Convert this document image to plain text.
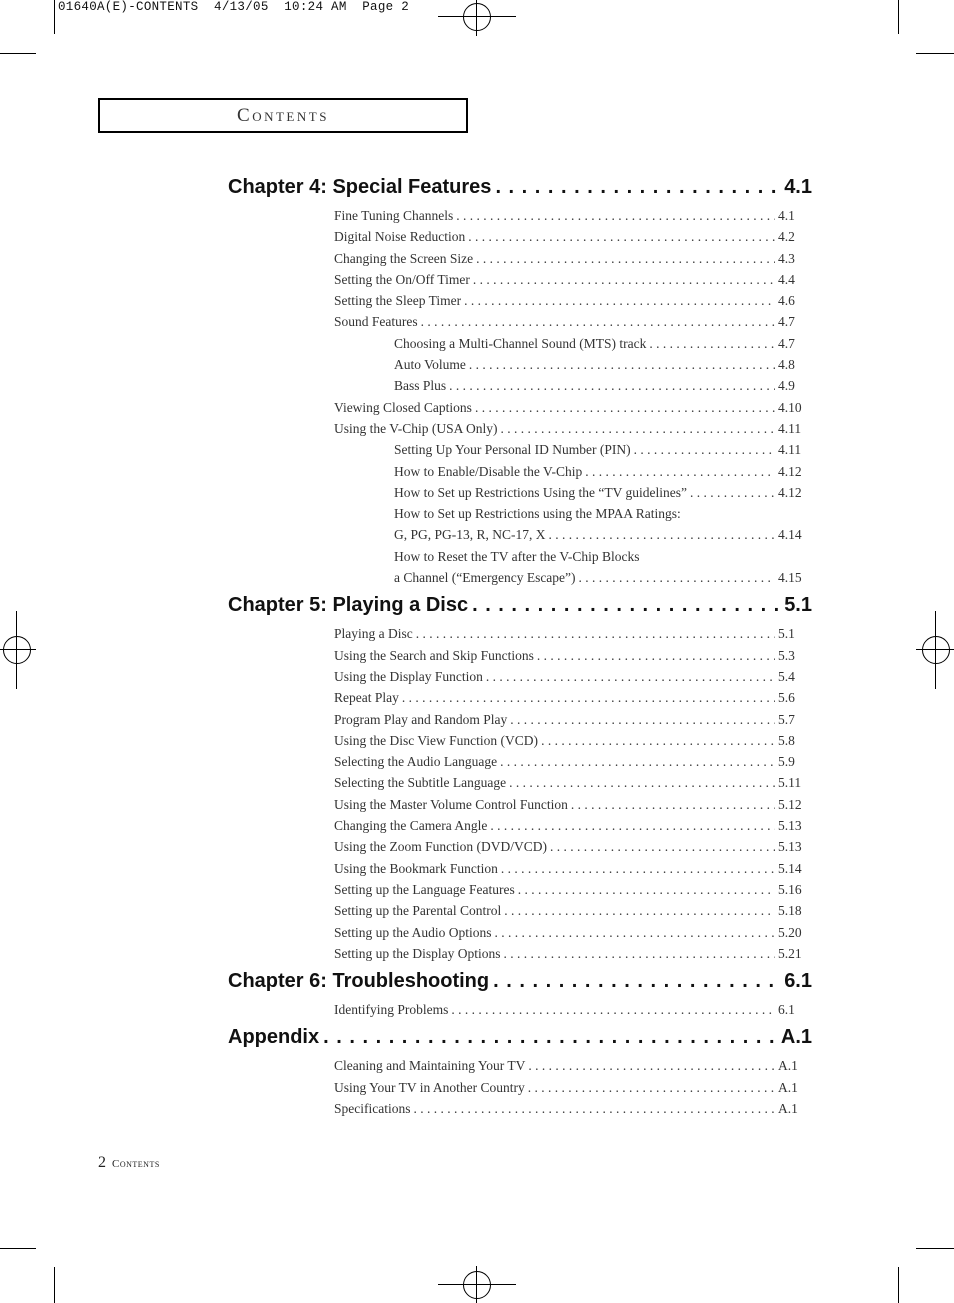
01640A(E)-CONTENTS  4/13/05  10:24 AM  Page 2
Contents
Chapter 4: Special Features . . .	4.1
Fine Tuning Channels . . .	4.1
Digital Noise Reduction . . .	4.2
Changing the Screen Size . . .	4.3
Setting the On/Off Timer . . .	4.4
Setting the Sleep Timer . . .	4.6
Sound Features . . .	4.7
Choosing a Multi-Channel Sound (MTS) track . . .	4.7
Auto Volume . . .	4.8
Bass Plus . . .	4.9
Viewing Closed Captions . . .	4.10
Using the V-Chip (USA Only) . . .	4.11
Setting Up Your Personal ID Number (PIN) . . .	4.11
How to Enable/Disable the V-Chip . . .	4.12
How to Set up Restrictions Using the “TV guidelines” . . .	4.12
How to Set up Restrictions using the MPAA Ratings:
G, PG, PG-13, R, NC-17, X . . .	4.14
How to Reset the TV after the V-Chip Blocks
a Channel (“Emergency Escape”) . . .	4.15
Chapter 5: Playing a Disc . . .	5.1
Playing a Disc . . .	5.1
Using the Search and Skip Functions . . .	5.3
Using the Display Function . . .	5.4
Repeat Play . . .	5.6
Program Play and Random Play . . .	5.7
Using the Disc View Function (VCD) . . .	5.8
Selecting the Audio Language . . .	5.9
Selecting the Subtitle Language . . .	5.11
Using the Master Volume Control Function . . .	5.12
Changing the Camera Angle . . .	5.13
Using the Zoom Function (DVD/VCD) . . .	5.13
Using the Bookmark Function . . .	5.14
Setting up the Language Features . . .	5.16
Setting up the Parental Control . . .	5.18
Setting up the Audio Options . . .	5.20
Setting up the Display Options . . .	5.21
Chapter 6: Troubleshooting . . .	6.1
Identifying Problems . . .	6.1
Appendix . . .	A.1
Cleaning and Maintaining Your TV . . .	A.1
Using Your TV in Another Country . . .	A.1
Specifications . . .	A.1
2 Contents
